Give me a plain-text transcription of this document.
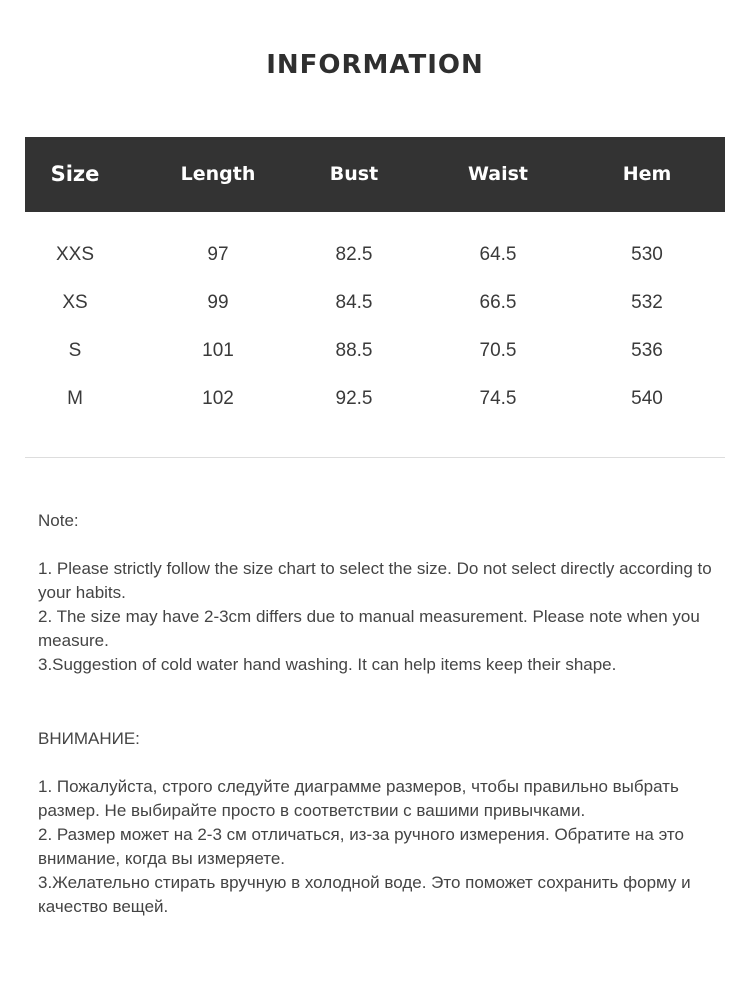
INFORMATION
Size	Length	Bust	Waist	Hem
XXS	97	82.5	64.5	530
XS	99	84.5	66.5	532
S	101	88.5	70.5	536
M	102	92.5	74.5	540

Note:

1. Please strictly follow the size chart to select the size. Do not select directly according to your habits.

2. The size may have 2-3cm differs due to manual measurement. Please note when you measure.

3.Suggestion of cold water hand washing. It can help items keep their shape.

ВНИМАНИЕ:

1. Пожалуйста, строго следуйте диаграмме размеров, чтобы правильно выбрать размер. Не выбирайте просто в соответствии с вашими привычками.

2. Размер может на 2-3 см отличаться, из-за ручного измерения. Обратите на это внимание, когда вы измеряете.

3.Желательно стирать вручную в холодной воде. Это поможет сохранить форму и качество вещей.
